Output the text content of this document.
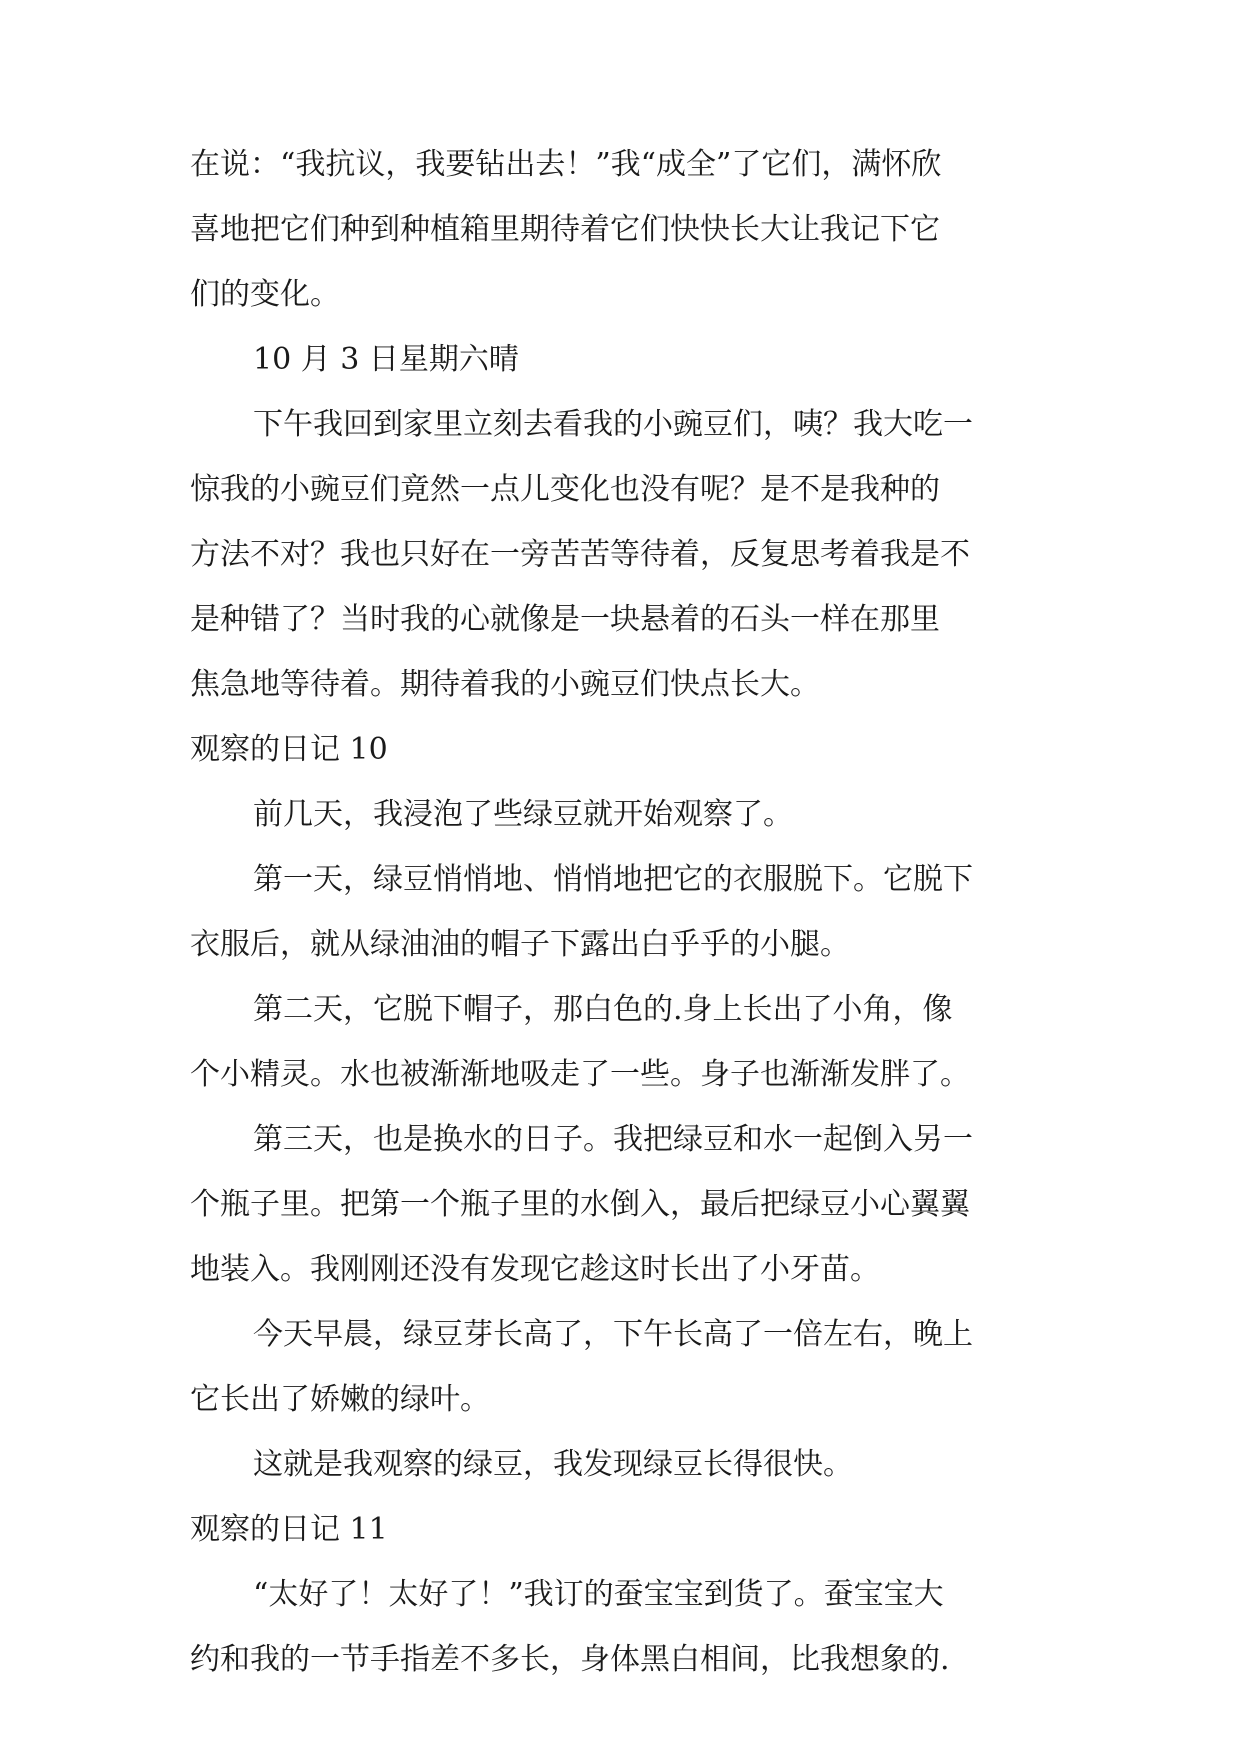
在说：“我抗议，我要钻出去！”我“成全”了它们，满怀欣
喜地把它们种到种植箱里期待着它们快快长大让我记下它
们的变化。
10 月 3 日星期六晴
下午我回到家里立刻去看我的小豌豆们，咦？我大吃一
惊我的小豌豆们竟然一点儿变化也没有呢？是不是我种的
方法不对？我也只好在一旁苦苦等待着，反复思考着我是不
是种错了？当时我的心就像是一块悬着的石头一样在那里
焦急地等待着。期待着我的小豌豆们快点长大。
观察的日记 10
前几天，我浸泡了些绿豆就开始观察了。
第一天，绿豆悄悄地、悄悄地把它的衣服脱下。它脱下
衣服后，就从绿油油的帽子下露出白乎乎的小腿。
第二天，它脱下帽子，那白色的.身上长出了小角，像
个小精灵。水也被渐渐地吸走了一些。身子也渐渐发胖了。
第三天，也是换水的日子。我把绿豆和水一起倒入另一
个瓶子里。把第一个瓶子里的水倒入，最后把绿豆小心翼翼
地装入。我刚刚还没有发现它趁这时长出了小牙苗。
今天早晨，绿豆芽长高了，下午长高了一倍左右，晚上
它长出了娇嫩的绿叶。
这就是我观察的绿豆，我发现绿豆长得很快。
观察的日记 11
“太好了！太好了！”我订的蚕宝宝到货了。蚕宝宝大
约和我的一节手指差不多长，身体黑白相间，比我想象的.
